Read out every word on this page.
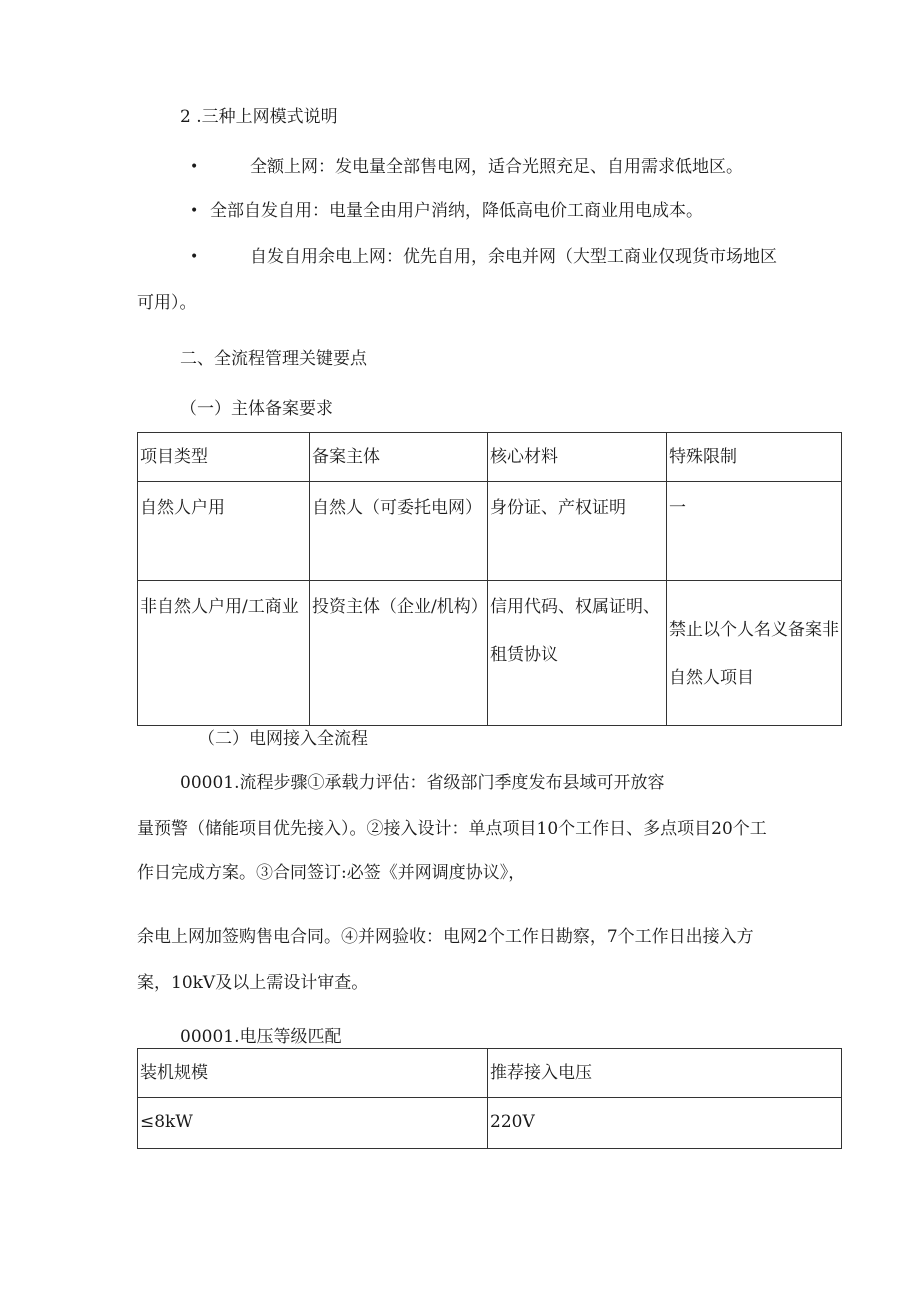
2 .三种上网模式说明
•	全额上网：发电量全部售电网，适合光照充足、自用需求低地区。
• 全部自发自用：电量全由用户消纳，降低高电价工商业用电成本。
•	自发自用余电上网：优先自用，余电并网（大型工商业仅现货市场地区
可用）。
二、全流程管理关键要点
（一）主体备案要求
项目类型	备案主体	核心材料	特殊限制
自然人户用	自然人（可委托电网）	身份证、产权证明	一
非自然人户用/工商业	投资主体（企业/机构）	信用代码、权属证明、租赁协议	禁止以个人名义备案非自然人项目
（二）电网接入全流程
00001.流程步骤①承载力评估：省级部门季度发布县域可开放容
量预警（储能项目优先接入）。②接入设计：单点项目10个工作日、多点项目20个工
作日完成方案。③合同签订:必签《并网调度协议》，
余电上网加签购售电合同。④并网验收：电网2个工作日勘察，7个工作日出接入方
案，10kV及以上需设计审查。
00001.电压等级匹配
装机规模	推荐接入电压
≤8kW	220V
